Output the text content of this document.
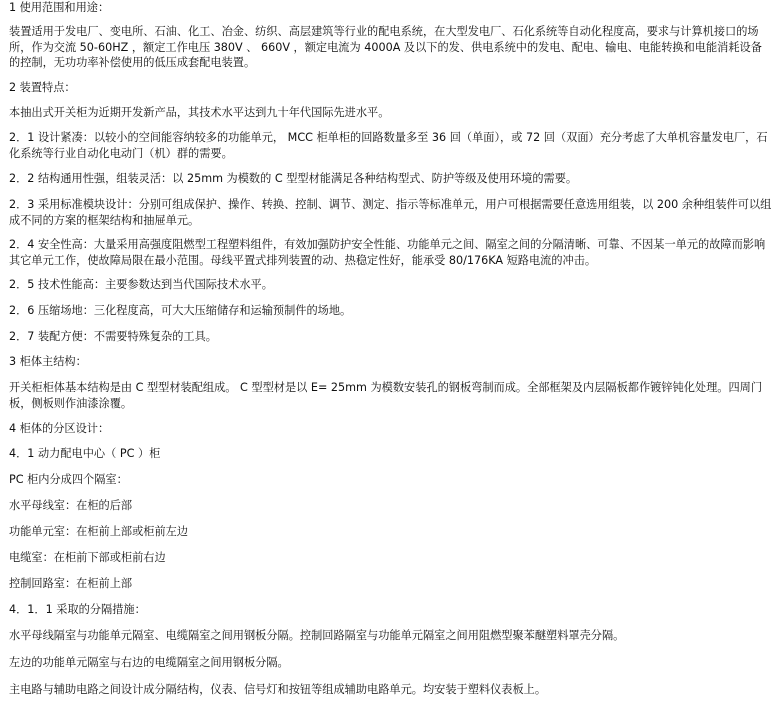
1 使用范围和用途：
装置适用于发电厂、变电所、石油、化工、冶金、纺织、高层建筑等行业的配电系统，在大型发电厂、石化系统等自动化程度高，要求与计算机接口的场所，作为交流 50-60HZ ，额定工作电压 380V 、 660V ，额定电流为 4000A 及以下的发、供电系统中的发电、配电、输电、电能转换和电能消耗设备的控制，无功功率补偿使用的低压成套配电装置。
2 装置特点：
本抽出式开关柜为近期开发新产品，其技术水平达到九十年代国际先进水平。
2．1 设计紧凑：以较小的空间能容纳较多的功能单元， MCC 柜单柜的回路数量多至 36 回（单面），或 72 回（双面）充分考虑了大单机容量发电厂，石化系统等行业自动化电动门（机）群的需要。
2．2 结构通用性强，组装灵活：以 25mm 为模数的 C 型型材能满足各种结构型式、防护等级及使用环境的需要。
2．3 采用标准模块设计：分别可组成保护、操作、转换、控制、调节、测定、指示等标准单元，用户可根据需要任意选用组装，以 200 余种组装件可以组成不同的方案的框架结构和抽屉单元。
2．4 安全性高：大量采用高强度阻燃型工程塑料组件，有效加强防护安全性能、功能单元之间、隔室之间的分隔清晰、可靠、不因某一单元的故障而影响其它单元工作，使故障局限在最小范围。母线平置式排列装置的动、热稳定性好，能承受 80/176KA 短路电流的冲击。
2．5 技术性能高：主要参数达到当代国际技术水平。
2．6 压缩场地：三化程度高，可大大压缩储存和运输预制件的场地。
2．7 装配方便：不需要特殊复杂的工具。
3 柜体主结构：
开关柜柜体基本结构是由 C 型型材装配组成。 C 型型材是以 E= 25mm 为模数安装孔的钢板弯制而成。全部框架及内层隔板都作镀锌钝化处理。四周门板，侧板则作油漆涂覆。
4 柜体的分区设计：
4．1 动力配电中心（ PC ）柜
PC 柜内分成四个隔室：
水平母线室：在柜的后部
功能单元室：在柜前上部或柜前左边
电缆室：在柜前下部或柜前右边
控制回路室：在柜前上部
4．1．1 采取的分隔措施：
水平母线隔室与功能单元隔室、电缆隔室之间用钢板分隔。控制回路隔室与功能单元隔室之间用阻燃型聚苯醚塑料罩壳分隔。
左边的功能单元隔室与右边的电缆隔室之间用钢板分隔。
主电路与辅助电路之间设计成分隔结构，仪表、信号灯和按钮等组成辅助电路单元。均安装于塑料仪表板上。
